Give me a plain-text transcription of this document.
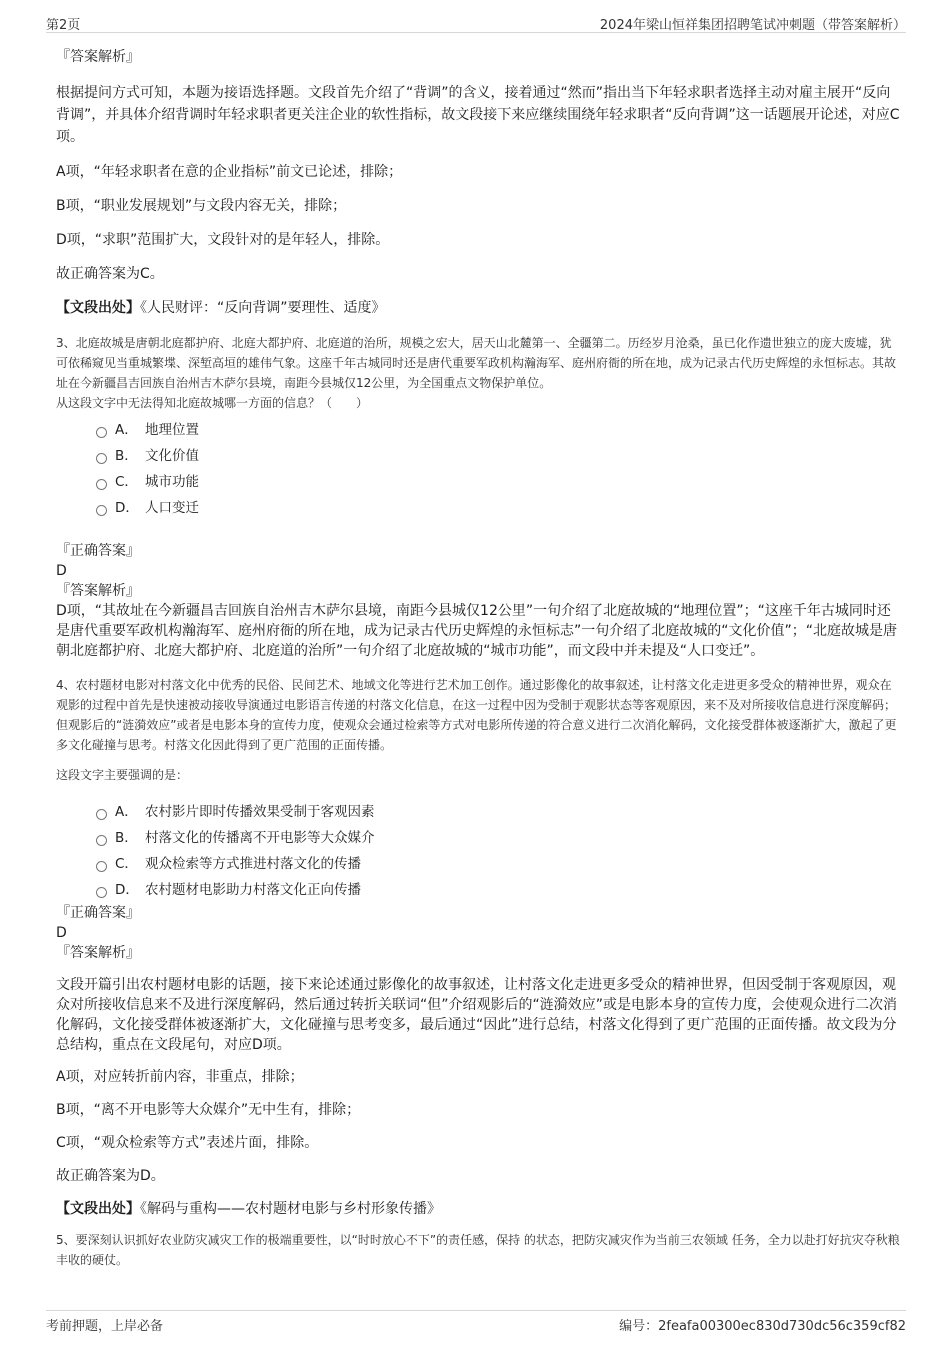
第2页	2024年梁山恒祥集团招聘笔试冲刺题（带答案解析）

『答案解析』

根据提问方式可知，本题为接语选择题。文段首先介绍了“背调”的含义，接着通过“然而”指出当下年轻求职者选择主动对雇主展开“反向背调”，并具体介绍背调时年轻求职者更关注企业的软性指标，故文段接下来应继续围绕年轻求职者“反向背调”这一话题展开论述，对应C项。

A项，“年轻求职者在意的企业指标”前文已论述，排除；

B项，“职业发展规划”与文段内容无关，排除；

D项，“求职”范围扩大，文段针对的是年轻人，排除。

故正确答案为C。

【文段出处】《人民财评：“反向背调”要理性、适度》

3、北庭故城是唐朝北庭都护府、北庭大都护府、北庭道的治所，规模之宏大，居天山北麓第一、全疆第二。历经岁月沧桑，虽已化作遗世独立的庞大废墟，犹可依稀窥见当重城繁堞、深堑高垣的雄伟气象。这座千年古城同时还是唐代重要军政机构瀚海军、庭州府衙的所在地，成为记录古代历史辉煌的永恒标志。其故址在今新疆昌吉回族自治州吉木萨尔县境，南距今县城仅12公里，为全国重点文物保护单位。

从这段文字中无法得知北庭故城哪一方面的信息？（　　）

A． 地理位置
B． 文化价值
C． 城市功能
D． 人口变迁

『正确答案』

D

『答案解析』

D项，“其故址在今新疆昌吉回族自治州吉木萨尔县境，南距今县城仅12公里”一句介绍了北庭故城的“地理位置”；“这座千年古城同时还是唐代重要军政机构瀚海军、庭州府衙的所在地，成为记录古代历史辉煌的永恒标志”一句介绍了北庭故城的“文化价值”；“北庭故城是唐朝北庭都护府、北庭大都护府、北庭道的治所”一句介绍了北庭故城的“城市功能”，而文段中并未提及“人口变迁”。

4、农村题材电影对村落文化中优秀的民俗、民间艺术、地域文化等进行艺术加工创作。通过影像化的故事叙述，让村落文化走进更多受众的精神世界，观众在观影的过程中首先是快速被动接收导演通过电影语言传递的村落文化信息，在这一过程中因为受制于观影状态等客观原因，来不及对所接收信息进行深度解码；但观影后的“涟漪效应”或者是电影本身的宣传力度，使观众会通过检索等方式对电影所传递的符合意义进行二次消化解码，文化接受群体被逐渐扩大，激起了更多文化碰撞与思考。村落文化因此得到了更广范围的正面传播。

这段文字主要强调的是：

A． 农村影片即时传播效果受制于客观因素
B． 村落文化的传播离不开电影等大众媒介
C． 观众检索等方式推进村落文化的传播
D． 农村题材电影助力村落文化正向传播

『正确答案』

D

『答案解析』

文段开篇引出农村题材电影的话题，接下来论述通过影像化的故事叙述，让村落文化走进更多受众的精神世界，但因受制于客观原因，观众对所接收信息来不及进行深度解码，然后通过转折关联词“但”介绍观影后的“涟漪效应”或是电影本身的宣传力度，会使观众进行二次消化解码，文化接受群体被逐渐扩大，文化碰撞与思考变多，最后通过“因此”进行总结，村落文化得到了更广范围的正面传播。故文段为分总结构，重点在文段尾句，对应D项。

A项，对应转折前内容，非重点，排除；

B项，“离不开电影等大众媒介”无中生有，排除；

C项，“观众检索等方式”表述片面，排除。

故正确答案为D。

【文段出处】《解码与重构——农村题材电影与乡村形象传播》

5、要深刻认识抓好农业防灾减灾工作的极端重要性，以“时时放心不下”的责任感，保持 的状态，把防灾减灾作为当前三农领域 任务，全力以赴打好抗灾夺秋粮丰收的硬仗。

考前押题，上岸必备	编号：2feafa00300ec830d730dc56c359cf82
